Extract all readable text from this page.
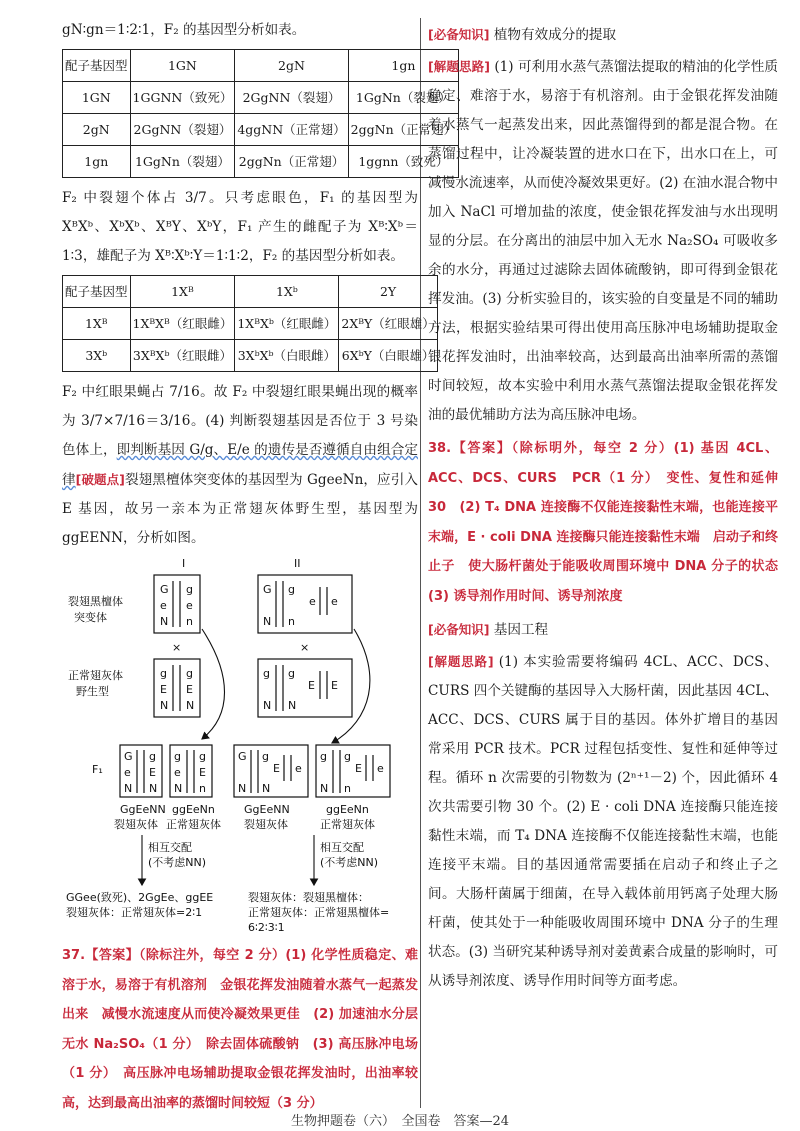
gN∶gn＝1∶2∶1，F₂ 的基因型分析如表。

配子基因型	1GN	2gN	1gn
1GN	1GGNN（致死）	2GgNN（裂翅）	1GgNn（裂翅）
2gN	2GgNN（裂翅）	4ggNN（正常翅）	2ggNn（正常翅）
1gn	1GgNn（裂翅）	2ggNn（正常翅）	1ggnn（致死）

F₂ 中裂翅个体占 3/7。只考虑眼色，F₁ 的基因型为 XᴮXᵇ、XᵇXᵇ、XᴮY、XᵇY，F₁ 产生的雌配子为 Xᴮ∶Xᵇ＝1∶3，雄配子为 Xᴮ∶Xᵇ∶Y＝1∶1∶2，F₂ 的基因型分析如表。

配子基因型	1Xᴮ	1Xᵇ	2Y
1Xᴮ	1XᴮXᴮ（红眼雌）	1XᴮXᵇ（红眼雌）	2XᴮY（红眼雄）
3Xᵇ	3XᴮXᵇ（红眼雌）	3XᵇXᵇ（白眼雌）	6XᵇY（白眼雄）

F₂ 中红眼果蝇占 7/16。故 F₂ 中裂翅红眼果蝇出现的概率为 3/7×7/16＝3/16。(4) 判断裂翅基因是否位于 3 号染色体上，即判断基因 G/g、E/e 的遗传是否遵循自由组合定律[破题点]裂翅黑檀体突变体的基因型为 GgeeNn，应引入 E 基因，故另一亲本为正常翅灰体野生型，基因型为 ggEENN，分析如图。

I	II
裂翅黑檀体
突变体
G g
e e
N n
G g
e e
N n
×	×
正常翅灰体
野生型
g g
E E
N N
g g
E E
N N
F₁
G g
e E
N N
g g
e E
N n
G g
E e
N N
g g
E e
N n
GgEeNN ggEeNn
裂翅灰体 正常翅灰体
GgEeNN	ggEeNn
裂翅灰体	正常翅灰体
相互交配
(不考虑NN)
相互交配
(不考虑NN)
GGee(致死)、2GgEe、ggEE
裂翅灰体：正常翅灰体=2∶1
裂翅灰体：裂翅黑檀体：
正常翅灰体：正常翅黑檀体=
6∶2∶3∶1

37.【答案】（除标注外，每空 2 分）(1) 化学性质稳定、难溶于水，易溶于有机溶剂　金银花挥发油随着水蒸气一起蒸发出来　减慢水流速度从而使冷凝效果更佳　(2) 加速油水分层　无水 Na₂SO₄（1 分）　除去固体硫酸钠　(3) 高压脉冲电场（1 分）　高压脉冲电场辅助提取金银花挥发油时，出油率较高，达到最高出油率的蒸馏时间较短（3 分）

[必备知识] 植物有效成分的提取

[解题思路] (1) 可利用水蒸气蒸馏法提取的精油的化学性质稳定、难溶于水，易溶于有机溶剂。由于金银花挥发油随着水蒸气一起蒸发出来，因此蒸馏得到的都是混合物。在蒸馏过程中，让冷凝装置的进水口在下，出水口在上，可减慢水流速率，从而使冷凝效果更好。(2) 在油水混合物中加入 NaCl 可增加盐的浓度，使金银花挥发油与水出现明显的分层。在分离出的油层中加入无水 Na₂SO₄ 可吸收多余的水分，再通过过滤除去固体硫酸钠，即可得到金银花挥发油。(3) 分析实验目的，该实验的自变量是不同的辅助方法，根据实验结果可得出使用高压脉冲电场辅助提取金银花挥发油时，出油率较高，达到最高出油率所需的蒸馏时间较短，故本实验中利用水蒸气蒸馏法提取金银花挥发油的最优辅助方法为高压脉冲电场。

38.【答案】（除标明外，每空 2 分）(1) 基因 4CL、ACC、DCS、CURS　PCR（1 分）　变性、复性和延伸　30　(2) T₄ DNA 连接酶不仅能连接黏性末端，也能连接平末端，E · coli DNA 连接酶只能连接黏性末端　启动子和终止子　使大肠杆菌处于能吸收周围环境中 DNA 分子的状态　(3) 诱导剂作用时间、诱导剂浓度

[必备知识] 基因工程

[解题思路] (1) 本实验需要将编码 4CL、ACC、DCS、CURS 四个关键酶的基因导入大肠杆菌，因此基因 4CL、ACC、DCS、CURS 属于目的基因。体外扩增目的基因常采用 PCR 技术。PCR 过程包括变性、复性和延伸等过程。循环 n 次需要的引物数为 (2ⁿ⁺¹－2) 个，因此循环 4 次共需要引物 30 个。(2) E · coli DNA 连接酶只能连接黏性末端，而 T₄ DNA 连接酶不仅能连接黏性末端，也能连接平末端。目的基因通常需要插在启动子和终止子之间。大肠杆菌属于细菌，在导入载体前用钙离子处理大肠杆菌，使其处于一种能吸收周围环境中 DNA 分子的生理状态。(3) 当研究某种诱导剂对姜黄素合成量的影响时，可从诱导剂浓度、诱导作用时间等方面考虑。

生物押题卷（六）　全国卷　答案—24
